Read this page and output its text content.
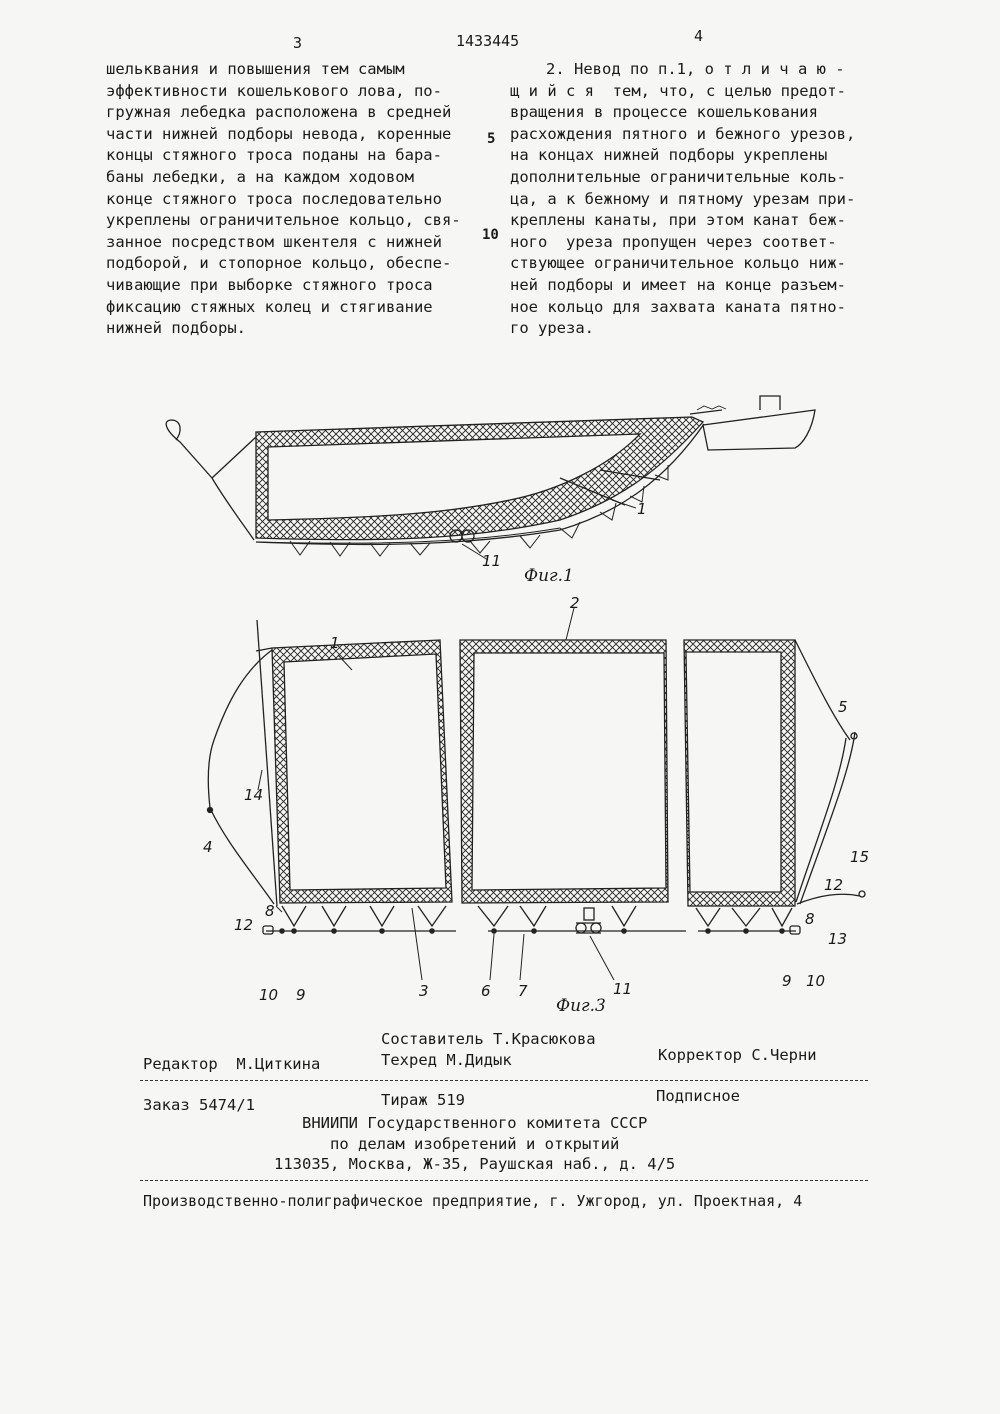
3	1433445	4
шельквания и повышения тем самым
эффективности кошелькового лова, по-
гружная лебедка расположена в средней
части нижней подборы невода, коренные
концы стяжного троса поданы на бара-
баны лебедки, а на каждом ходовом
конце стяжного троса последовательно
укреплены ограничительное кольцо, свя-
занное посредством шкентеля с нижней
подборой, и стопорное кольцо, обеспе-
чивающие при выборке стяжного троса
фиксацию стяжных колец и стягивание
нижней подборы.
5
10
2. Невод по п.1, о т л и ч а ю -
щ и й с я  тем, что, с целью предот-
вращения в процессе кошелькования
расхождения пятного и бежного урезов,
на концах нижней подборы укреплены
дополнительные ограничительные коль-
ца, а к бежному и пятному урезам при-
креплены канаты, при этом канат беж-
ного  уреза пропущен через соответ-
ствующее ограничительное кольцо ниж-
ней подборы и имеет на конце разъем-
ное кольцо для захвата каната пятно-
го уреза.
1
11
Фиг.1
1
2
3
4
5
6 7
8	8
9
9
10
10
11
12
12
13
14
15
Фиг.3
Составитель Т.Красюкова
Редактор  М.Циткина	Техред М.Дидык	Корректор С.Черни
Заказ 5474/1	Тираж 519	Подписное
ВНИИПИ Государственного комитета СССР
по делам изобретений и открытий
113035, Москва, Ж-35, Раушская наб., д. 4/5
Производственно-полиграфическое предприятие, г. Ужгород, ул. Проектная, 4
